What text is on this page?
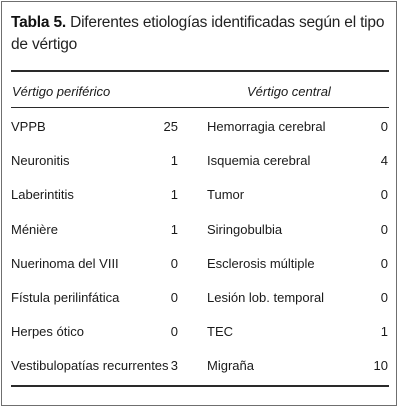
Tabla 5. Diferentes etiologías identificadas según el tipo de vértigo
Vértigo periférico	Vértigo central
VPPB	25 Hemorragia cerebral	0
Neuronitis	1 Isquemia cerebral	4
Laberintitis	1 Tumor	0
Ménière	1 Siringobulbia	0
Nuerinoma del VIII	0 Esclerosis múltiple	0
Fístula perilinfática	0 Lesión lob. temporal	0
Herpes ótico	0 TEC	1
Vestibulopatías recurrentes 3 Migraña	10
